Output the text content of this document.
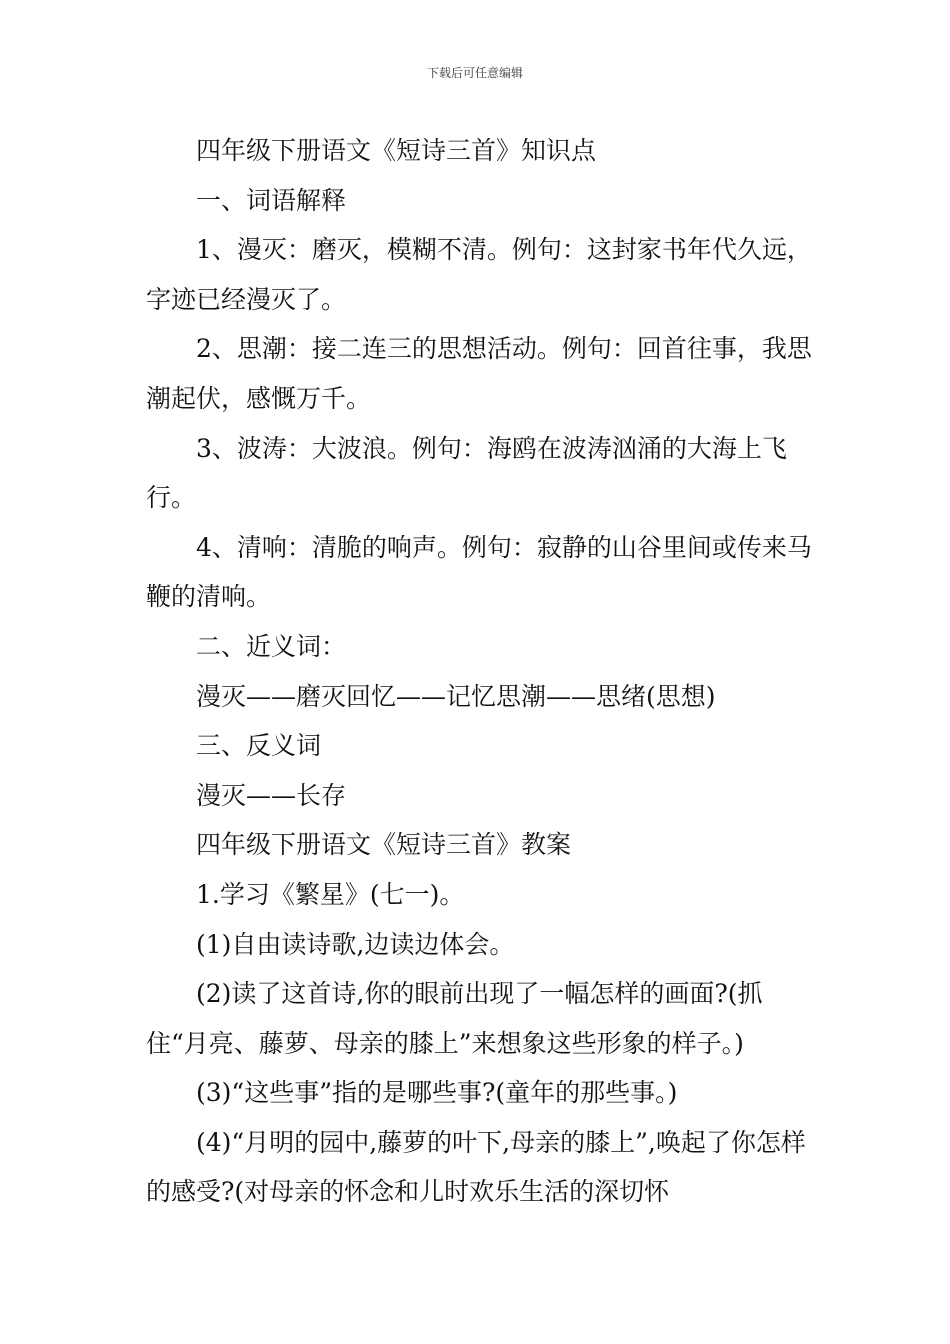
下载后可任意编辑

四年级下册语文《短诗三首》知识点

一、词语解释

1、漫灭：磨灭，模糊不清。例句：这封家书年代久远，字迹已经漫灭了。

2、思潮：接二连三的思想活动。例句：回首往事，我思潮起伏，感慨万千。

3、波涛：大波浪。例句：海鸥在波涛汹涌的大海上飞行。

4、清响：清脆的响声。例句：寂静的山谷里间或传来马鞭的清响。

二、近义词：

漫灭——磨灭回忆——记忆思潮——思绪(思想)

三、反义词

漫灭——长存

四年级下册语文《短诗三首》教案

1.学习《繁星》(七一)。

(1)自由读诗歌,边读边体会。

(2)读了这首诗,你的眼前出现了一幅怎样的画面?(抓住“月亮、藤萝、母亲的膝上”来想象这些形象的样子。)

(3)“这些事”指的是哪些事?(童年的那些事。)

(4)“月明的园中,藤萝的叶下,母亲的膝上”,唤起了你怎样的感受?(对母亲的怀念和儿时欢乐生活的深切怀
